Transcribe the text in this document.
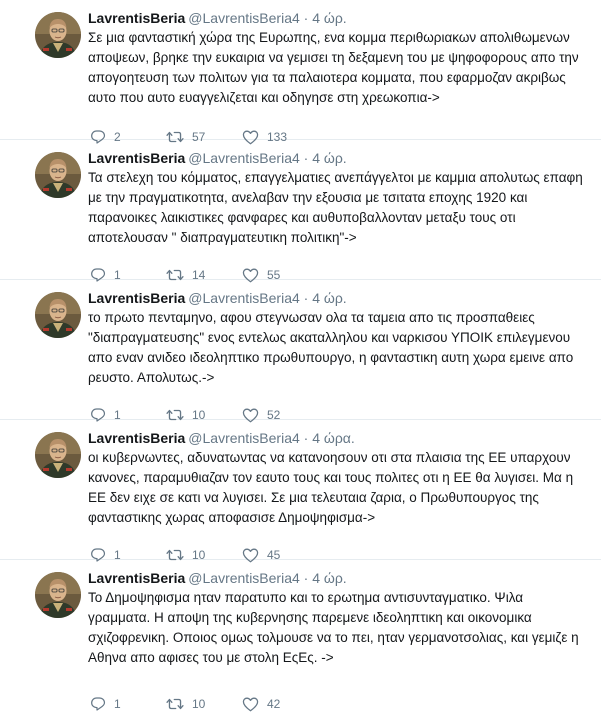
LavrentisBeria @LavrentisBeria4 · 4 ώρ.
Σε μια φανταστική χώρα της Ευρωπης, ενα κομμα περιθωριακων απολιθωμενων αποψεων, βρηκε την ευκαιρια να γεμισει τη δεξαμενη του με ψηφοφορους απο την απογοητευση των πολιτων για τα παλαιοτερα κομματα, που εφαρμοζαν ακριβως αυτο που αυτο ευαγγελιζεται και οδηγησε στη χρεωκοπια->
2	57	133
LavrentisBeria @LavrentisBeria4 · 4 ώρ.
Τα στελεχη του κόμματος, επαγγελματιες ανεπάγγελτοι με καμμια απολυτως επαφη με την πραγματικοτητα, ανελαβαν την εξουσια με τσιτατα εποχης 1920 και παρανοικες λαικιστικες φανφαρες και αυθυποβαλλονταν μεταξυ τους οτι αποτελουσαν " διαπραγματευτικη πολιτικη"->
1	14	55
LavrentisBeria @LavrentisBeria4 · 4 ώρ.
το πρωτο πενταμηνο, αφου στεγνωσαν ολα τα ταμεια απο τις προσπαθειες "διαπραγματευσης" ενος εντελως ακαταλληλου και ναρκισου ΥΠΟΙΚ επιλεγμενου απο εναν ανιδεο ιδεοληπτικο πρωθυπουργο, η φανταστικη αυτη χωρα εμεινε απο ρευστο. Απολυτως.->
1	10	52
LavrentisBeria @LavrentisBeria4 · 4 ώρα.
οι κυβερνωντες, αδυνατωντας να κατανοησουν οτι στα πλαισια της ΕΕ υπαρχουν κανονες, παραμυθιαζαν τον εαυτο τους και τους πολιτες οτι η ΕΕ θα λυγισει. Μα η ΕΕ δεν ειχε σε κατι να λυγισει. Σε μια τελευταια ζαρια, ο Πρωθυπουργος της φανταστικης χωρας αποφασισε Δημοψηφισμα->
1	10	45
LavrentisBeria @LavrentisBeria4 · 4 ώρ.
Το Δημοψηφισμα ηταν παρατυπο και το ερωτημα αντισυνταγματικο. Ψιλα γραμματα. Η αποψη της κυβερνησης παρεμενε ιδεοληπτικη και οικονομικα σχιζοφρενικη. Οποιος ομως τολμουσε να το πει, ηταν γερμανοτσολιας, και γεμιζε η Αθηνα απο αφισες του με στολη ΕςΕς. ->
1	10	42
